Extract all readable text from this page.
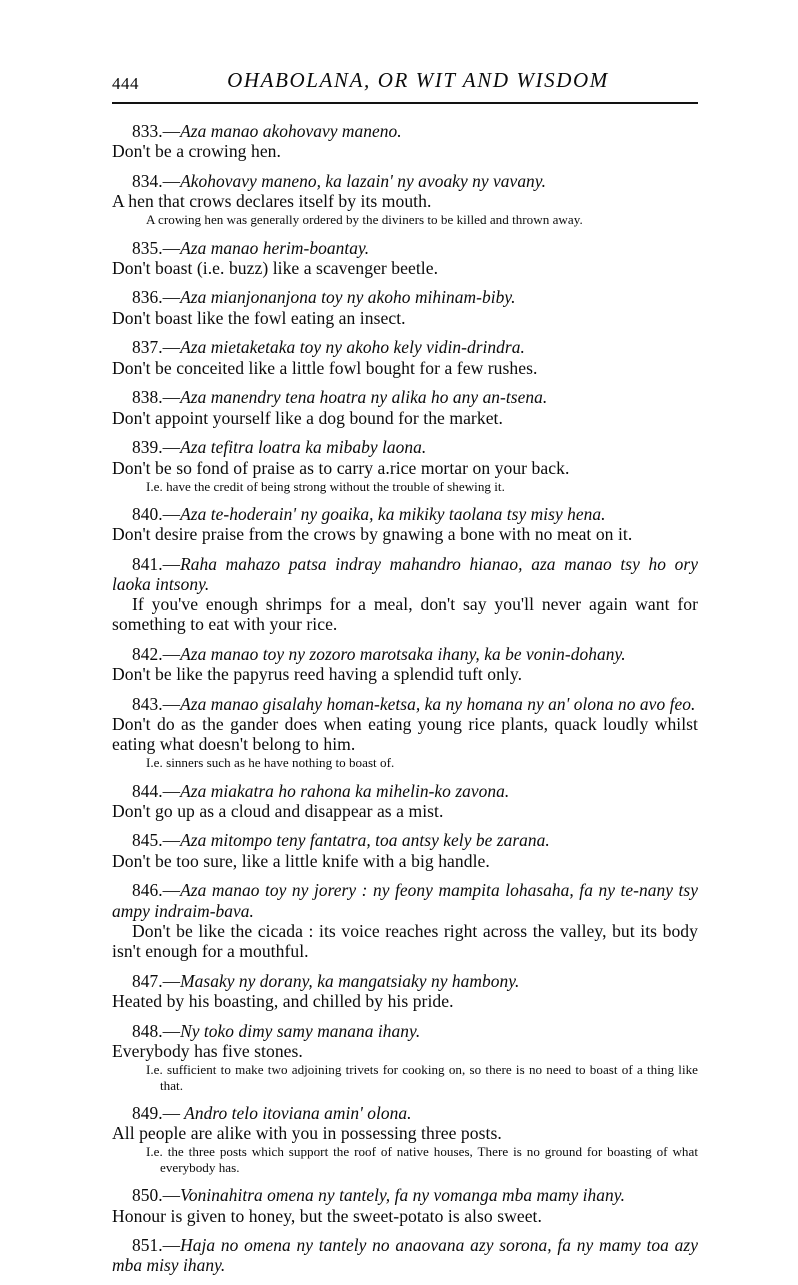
444	OHABOLANA, OR WIT AND WISDOM
833.—Aza manao akohovavy maneno.
Don't be a crowing hen.
834.—Akohovavy maneno, ka lazain' ny avoaky ny vavany.
A hen that crows declares itself by its mouth.
A crowing hen was generally ordered by the diviners to be killed and thrown away.
835.—Aza manao herim-boantay.
Don't boast (i.e. buzz) like a scavenger beetle.
836.—Aza mianjonanjona toy ny akoho mihinam-biby.
Don't boast like the fowl eating an insect.
837.—Aza mietaketaka toy ny akoho kely vidin-drindra.
Don't be conceited like a little fowl bought for a few rushes.
838.—Aza manendry tena hoatra ny alika ho any an-tsena.
Don't appoint yourself like a dog bound for the market.
839.—Aza tefitra loatra ka mibaby laona.
Don't be so fond of praise as to carry a.rice mortar on your back.
I.e. have the credit of being strong without the trouble of shewing it.
840.—Aza te-hoderain' ny goaika, ka mikiky taolana tsy misy hena.
Don't desire praise from the crows by gnawing a bone with no meat on it.
841.—Raha mahazo patsa indray mahandro hianao, aza manao tsy ho ory laoka intsony.
If you've enough shrimps for a meal, don't say you'll never again want for something to eat with your rice.
842.—Aza manao toy ny zozoro marotsaka ihany, ka be vonin-dohany.
Don't be like the papyrus reed having a splendid tuft only.
843.—Aza manao gisalahy homan-ketsa, ka ny homana ny an' olona no avo feo.
Don't do as the gander does when eating young rice plants, quack loudly whilst eating what doesn't belong to him.
I.e. sinners such as he have nothing to boast of.
844.—Aza miakatra ho rahona ka mihelin-ko zavona.
Don't go up as a cloud and disappear as a mist.
845.—Aza mitompo teny fantatra, toa antsy kely be zarana.
Don't be too sure, like a little knife with a big handle.
846.—Aza manao toy ny jorery : ny feony mampita lohasaha, fa ny te-nany tsy ampy indraim-bava.
Don't be like the cicada : its voice reaches right across the valley, but its body isn't enough for a mouthful.
847.—Masaky ny dorany, ka mangatsiaky ny hambony.
Heated by his boasting, and chilled by his pride.
848.—Ny toko dimy samy manana ihany.
Everybody has five stones.
I.e. sufficient to make two adjoining trivets for cooking on, so there is no need to boast of a thing like that.
849.— Andro telo itoviana amin' olona.
All people are alike with you in possessing three posts.
I.e. the three posts which support the roof of native houses, There is no ground for boasting of what everybody has.
850.—Voninahitra omena ny tantely, fa ny vomanga mba mamy ihany.
Honour is given to honey, but the sweet-potato is also sweet.
851.—Haja no omena ny tantely no anaovana azy sorona, fa ny mamy toa azy mba misy ihany.
